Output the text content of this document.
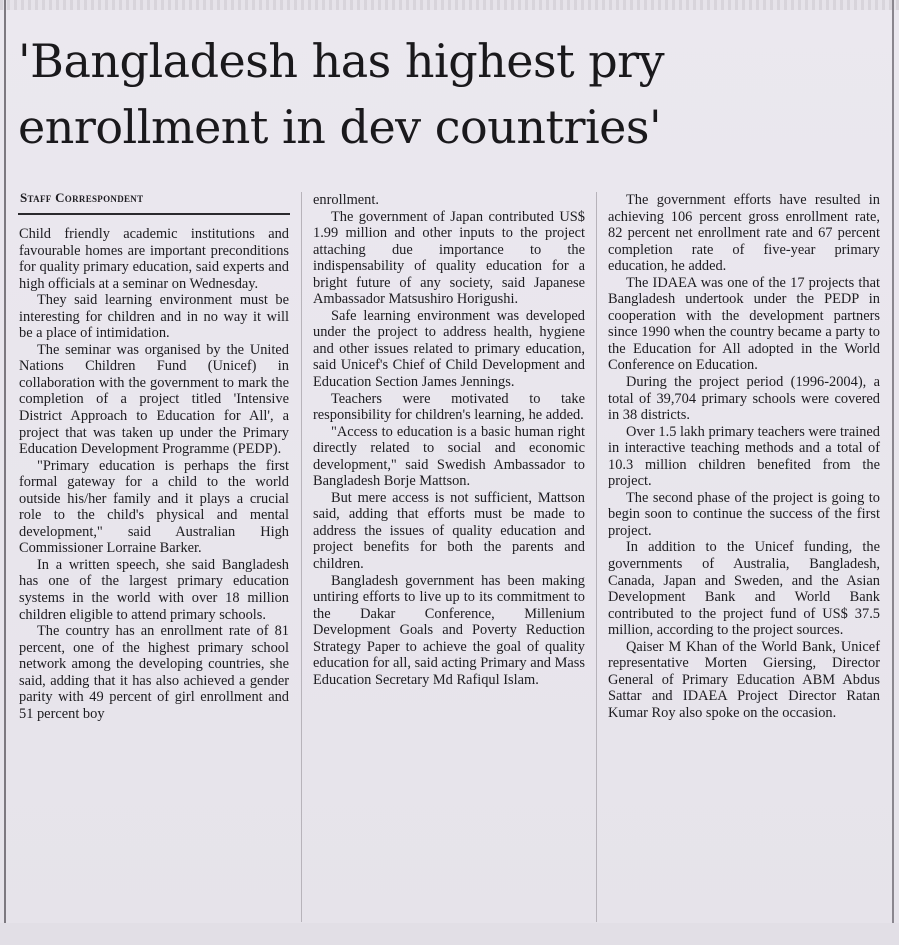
'Bangladesh has highest pry enrollment in dev countries'
Staff Correspondent

Child friendly academic institutions and favourable homes are important preconditions for quality primary education, said experts and high officials at a seminar on Wednesday.

They said learning environment must be interesting for children and in no way it will be a place of intimidation.

The seminar was organised by the United Nations Children Fund (Unicef) in collaboration with the government to mark the completion of a project titled 'Intensive District Approach to Education for All', a project that was taken up under the Primary Education Development Programme (PEDP).

"Primary education is perhaps the first formal gateway for a child to the world outside his/her family and it plays a crucial role to the child's physical and mental development," said Australian High Commissioner Lorraine Barker.

In a written speech, she said Bangladesh has one of the largest primary education systems in the world with over 18 million children eligible to attend primary schools.

The country has an enrollment rate of 81 percent, one of the highest primary school network among the developing countries, she said, adding that it has also achieved a gender parity with 49 percent of girl enrollment and 51 percent boy

enrollment.

The government of Japan contributed US$ 1.99 million and other inputs to the project attaching due importance to the indispensability of quality education for a bright future of any society, said Japanese Ambassador Matsushiro Horigushi.

Safe learning environment was developed under the project to address health, hygiene and other issues related to primary education, said Unicef's Chief of Child Development and Education Section James Jennings.

Teachers were motivated to take responsibility for children's learning, he added.

"Access to education is a basic human right directly related to social and economic development," said Swedish Ambassador to Bangladesh Borje Mattson.

But mere access is not sufficient, Mattson said, adding that efforts must be made to address the issues of quality education and project benefits for both the parents and children.

Bangladesh government has been making untiring efforts to live up to its commitment to the Dakar Conference, Millenium Development Goals and Poverty Reduction Strategy Paper to achieve the goal of quality education for all, said acting Primary and Mass Education Secretary Md Rafiqul Islam.

The government efforts have resulted in achieving 106 percent gross enrollment rate, 82 percent net enrollment rate and 67 percent completion rate of five-year primary education, he added.

The IDAEA was one of the 17 projects that Bangladesh undertook under the PEDP in cooperation with the development partners since 1990 when the country became a party to the Education for All adopted in the World Conference on Education.

During the project period (1996-2004), a total of 39,704 primary schools were covered in 38 districts.

Over 1.5 lakh primary teachers were trained in interactive teaching methods and a total of 10.3 million children benefited from the project.

The second phase of the project is going to begin soon to continue the success of the first project.

In addition to the Unicef funding, the governments of Australia, Bangladesh, Canada, Japan and Sweden, and the Asian Development Bank and World Bank contributed to the project fund of US$ 37.5 million, according to the project sources.

Qaiser M Khan of the World Bank, Unicef representative Morten Giersing, Director General of Primary Education ABM Abdus Sattar and IDAEA Project Director Ratan Kumar Roy also spoke on the occasion.
